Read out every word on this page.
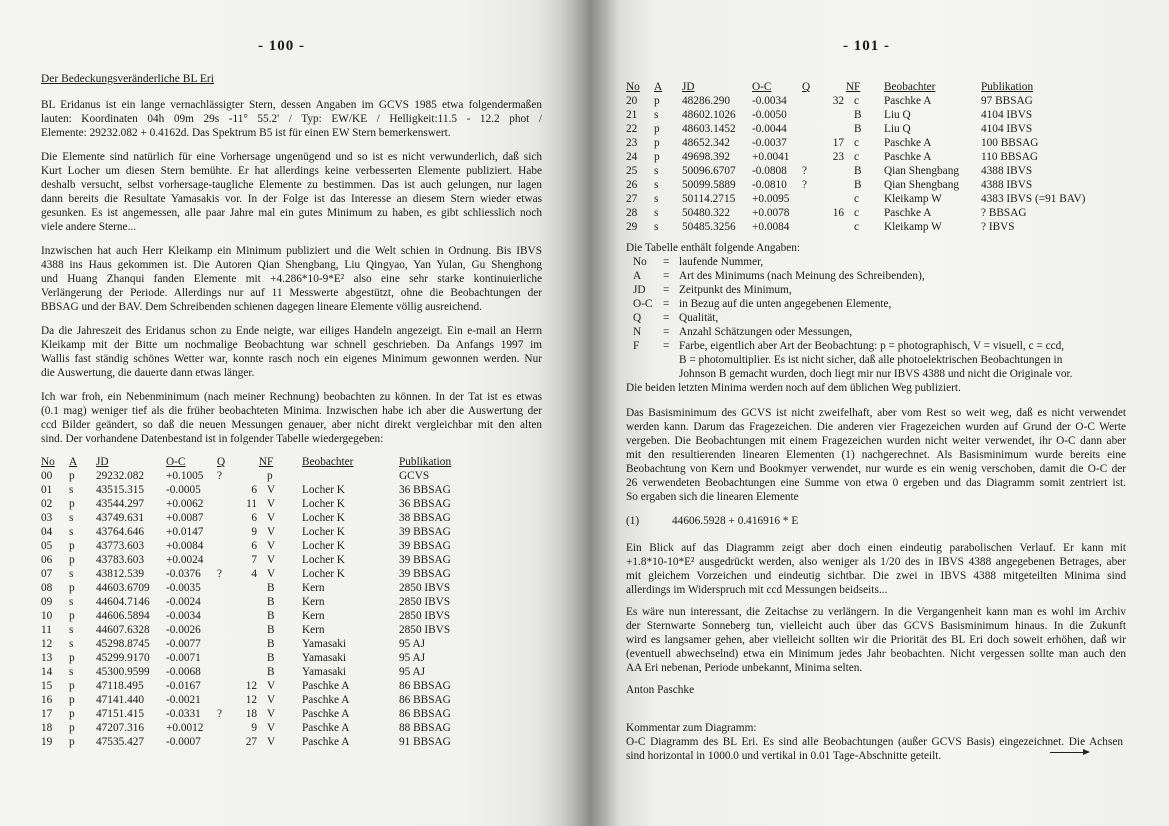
- 100 -	- 101 -
Der Bedeckungsveränderliche BL Eri
BL Eridanus ist ein lange vernachlässigter Stern, dessen Angaben im GCVS 1985 etwa folgendermaßen
lauten: Koordinaten 04h 09m 29s -11° 55.2' / Typ: EW/KE / Helligkeit:11.5 - 12.2 phot /
Elemente: 29232.082 + 0.4162d. Das Spektrum B5 ist für einen EW Stern bemerkenswert.
Die Elemente sind natürlich für eine Vorhersage ungenügend und so ist es nicht verwunderlich, daß sich
Kurt Locher um diesen Stern bemühte. Er hat allerdings keine verbesserten Elemente publiziert. Habe
deshalb versucht, selbst vorhersage-taugliche Elemente zu bestimmen. Das ist auch gelungen, nur lagen
dann bereits die Resultate Yamasakis vor. In der Folge ist das Interesse an diesem Stern wieder etwas
gesunken. Es ist angemessen, alle paar Jahre mal ein gutes Minimum zu haben, es gibt schliesslich noch
viele andere Sterne...
Inzwischen hat auch Herr Kleikamp ein Minimum publiziert und die Welt schien in Ordnung. Bis IBVS
4388 ins Haus gekommen ist. Die Autoren Qian Shengbang, Liu Qingyao, Yan Yulan, Gu Shenghong
und Huang Zhanqui fanden Elemente mit +4.286*10-9*E² also eine sehr starke kontinuierliche
Verlängerung der Periode. Allerdings nur auf 11 Messwerte abgestützt, ohne die Beobachtungen der
BBSAG und der BAV. Dem Schreibenden schienen dagegen lineare Elemente völlig ausreichend.
Da die Jahreszeit des Eridanus schon zu Ende neigte, war eiliges Handeln angezeigt. Ein e-mail an Herrn
Kleikamp mit der Bitte um nochmalige Beobachtung war schnell geschrieben. Da Anfangs 1997 im
Wallis fast ständig schönes Wetter war, konnte rasch noch ein eigenes Minimum gewonnen werden. Nur
die Auswertung, die dauerte dann etwas länger.
Ich war froh, ein Nebenminimum (nach meiner Rechnung) beobachten zu können. In der Tat ist es etwas
(0.1 mag) weniger tief als die früher beobachteten Minima. Inzwischen habe ich aber die Auswertung der
ccd Bilder geändert, so daß die neuen Messungen genauer, aber nicht direkt vergleichbar mit den alten
sind. Der vorhandene Datenbestand ist in folgender Tabelle wiedergegeben:
No	A	JD	O-C	Q	N	F	Beobachter	Publikation
00	p	29232.082	+0.1005	?		p		GCVS
01	s	43515.315	-0.0005		6	V	Locher K	36 BBSAG
02	p	43544.297	+0.0062		11	V	Locher K	36 BBSAG
03	s	43749.631	+0.0087		6	V	Locher K	38 BBSAG
04	s	43764.646	+0.0147		9	V	Locher K	39 BBSAG
05	p	43773.603	+0.0084		6	V	Locher K	39 BBSAG
06	p	43783.603	+0.0024		7	V	Locher K	39 BBSAG
07	s	43812.539	-0.0376	?	4	V	Locher K	39 BBSAG
08	p	44603.6709	-0.0035			B	Kern	2850 IBVS
09	s	44604.7146	-0.0024			B	Kern	2850 IBVS
10	p	44606.5894	-0.0034			B	Kern	2850 IBVS
11	s	44607.6328	-0.0026			B	Kern	2850 IBVS
12	s	45298.8745	-0.0077			B	Yamasaki	95 AJ
13	p	45299.9170	-0.0071			B	Yamasaki	95 AJ
14	s	45300.9599	-0.0068			B	Yamasaki	95 AJ
15	p	47118.495	-0.0167		12	V	Paschke A	86 BBSAG
16	p	47141.440	-0.0021		12	V	Paschke A	86 BBSAG
17	p	47151.415	-0.0331	?	18	V	Paschke A	86 BBSAG
18	p	47207.316	+0.0012		9	V	Paschke A	88 BBSAG
19	p	47535.427	-0.0007		27	V	Paschke A	91 BBSAG
No	A	JD	O-C	Q	N	F	Beobachter	Publikation
20	p	48286.290	-0.0034		32	c	Paschke A	97 BBSAG
21	s	48602.1026	-0.0050			B	Liu Q	4104 IBVS
22	p	48603.1452	-0.0044			B	Liu Q	4104 IBVS
23	p	48652.342	-0.0037		17	c	Paschke A	100 BBSAG
24	p	49698.392	+0.0041		23	c	Paschke A	110 BBSAG
25	s	50096.6707	-0.0808	?		B	Qian Shengbang	4388 IBVS
26	s	50099.5889	-0.0810	?		B	Qian Shengbang	4388 IBVS
27	s	50114.2715	+0.0095			c	Kleikamp W	4383 IBVS (=91 BAV)
28	s	50480.322	+0.0078		16	c	Paschke A	? BBSAG
29	s	50485.3256	+0.0084			c	Kleikamp W	? IBVS
Die Tabelle enthält folgende Angaben:
No	= laufende Nummer,
A	= Art des Minimums (nach Meinung des Schreibenden),
JD	= Zeitpunkt des Minimum,
O-C = in Bezug auf die unten angegebenen Elemente,
Q	= Qualität,
N	= Anzahl Schätzungen oder Messungen,
F	= Farbe, eigentlich aber Art der Beobachtung: p = photographisch, V = visuell, c = ccd,
B = photomultiplier. Es ist nicht sicher, daß alle photoelektrischen Beobachtungen in
Johnson B gemacht wurden, doch liegt mir nur IBVS 4388 und nicht die Originale vor.
Die beiden letzten Minima werden noch auf dem üblichen Weg publiziert.
Das Basisminimum des GCVS ist nicht zweifelhaft, aber vom Rest so weit weg, daß es nicht verwendet
werden kann. Darum das Fragezeichen. Die anderen vier Fragezeichen wurden auf Grund der O-C Werte
vergeben. Die Beobachtungen mit einem Fragezeichen wurden nicht weiter verwendet, ihr O-C dann aber
mit den resultierenden linearen Elementen (1) nachgerechnet. Als Basisminimum wurde bereits eine
Beobachtung von Kern und Bookmyer verwendet, nur wurde es ein wenig verschoben, damit die O-C der
26 verwendeten Beobachtungen eine Summe von etwa 0 ergeben und das Diagramm somit zentriert ist.
So ergaben sich die linearen Elemente
(1)	44606.5928 + 0.416916 * E
Ein Blick auf das Diagramm zeigt aber doch einen eindeutig parabolischen Verlauf. Er kann mit
+1.8*10-10*E² ausgedrückt werden, also weniger als 1/20 des in IBVS 4388 angegebenen Betrages, aber
mit gleichem Vorzeichen und eindeutig sichtbar. Die zwei in IBVS 4388 mitgeteilten Minima sind
allerdings im Widerspruch mit ccd Messungen beidseits...
Es wäre nun interessant, die Zeitachse zu verlängern. In die Vergangenheit kann man es wohl im Archiv
der Sternwarte Sonneberg tun, vielleicht auch über das GCVS Basisminimum hinaus. In die Zukunft
wird es langsamer gehen, aber vielleicht sollten wir die Priorität des BL Eri doch soweit erhöhen, daß wir
(eventuell abwechselnd) etwa ein Minimum jedes Jahr beobachten. Nicht vergessen sollte man auch den
AA Eri nebenan, Periode unbekannt, Minima selten.
Anton Paschke
Kommentar zum Diagramm:
O-C Diagramm des BL Eri. Es sind alle Beobachtungen (außer GCVS Basis) eingezeichnet. Die Achsen
sind horizontal in 1000.0 und vertikal in 0.01 Tage-Abschnitte geteilt.
